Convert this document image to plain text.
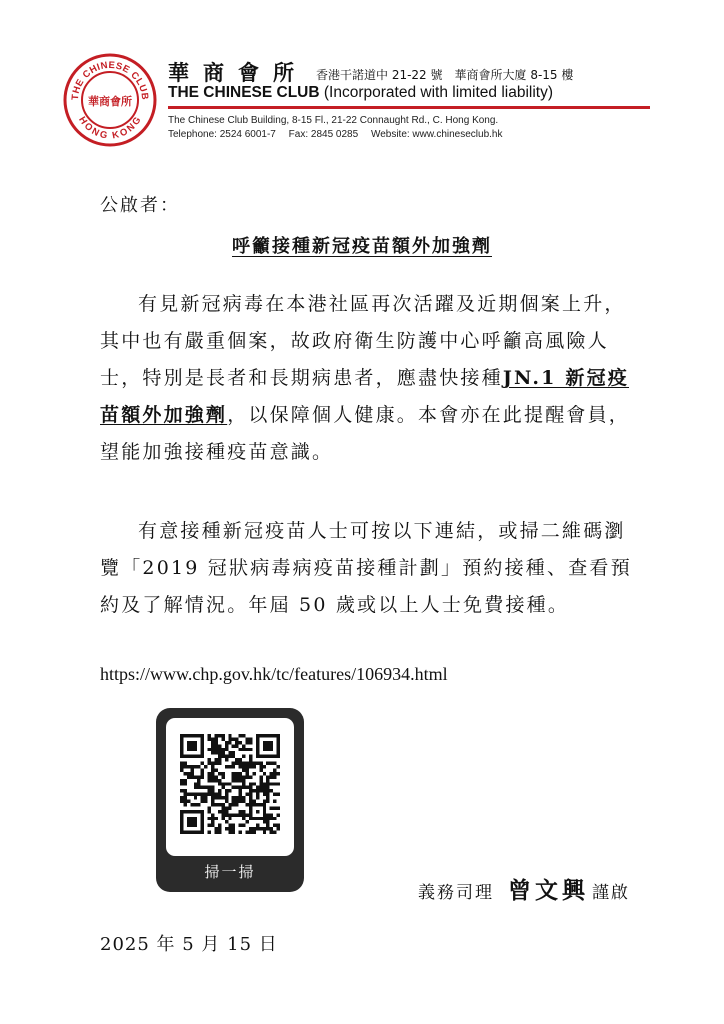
THE CHINESE CLUB
HONG KONG
華商會所
華商會所 香港干諾道中 21-22 號　華商會所大廈 8-15 樓
THE CHINESE CLUB (Incorporated with limited liability)
The Chinese Club Building, 8-15 Fl., 21-22 Connaught Rd., C. Hong Kong.
Telephone: 2524 6001-7 Fax: 2845 0285 Website: www.chineseclub.hk
公啟者：
呼籲接種新冠疫苗額外加強劑
有見新冠病毒在本港社區再次活躍及近期個案上升，
其中也有嚴重個案，故政府衛生防護中心呼籲高風險人
士，特別是長者和長期病患者，應盡快接種JN.1 新冠疫
苗額外加強劑，以保障個人健康。本會亦在此提醒會員，
望能加強接種疫苗意識。
有意接種新冠疫苗人士可按以下連結，或掃二維碼瀏
覽「2019 冠狀病毒病疫苗接種計劃」預約接種、查看預
約及了解情況。年屆 50 歲或以上人士免費接種。
https://www.chp.gov.hk/tc/features/106934.html
掃一掃
義務司理 曾文興 謹啟
2025 年 5 月 15 日
